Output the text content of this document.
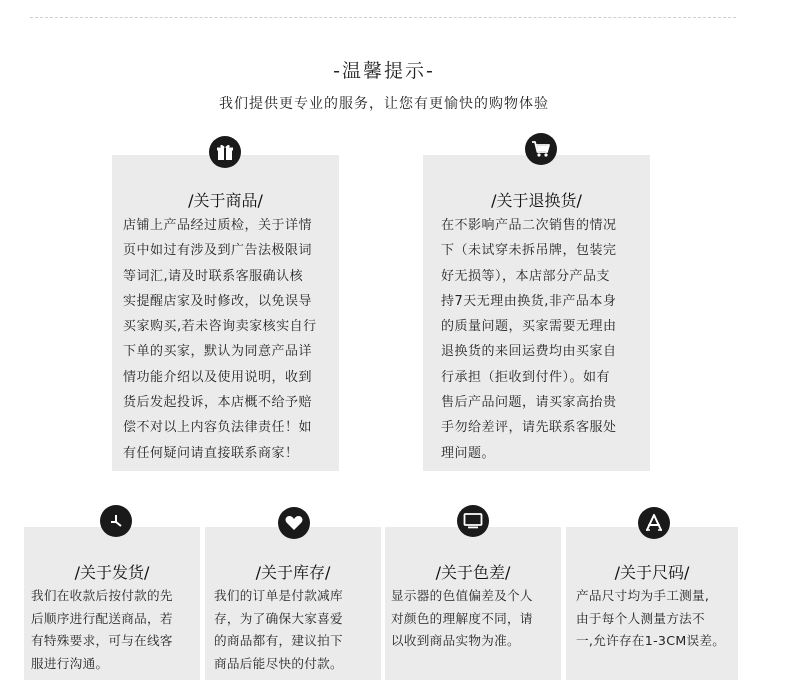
-温馨提示-
我们提供更专业的服务，让您有更愉快的购物体验
/关于商品/
店铺上产品经过质检，关于详情
页中如过有涉及到广告法极限词
等词汇,请及时联系客服确认核
实提醒店家及时修改，以免误导
买家购买,若未咨询卖家核实自行
下单的买家，默认为同意产品详
情功能介绍以及使用说明，收到
货后发起投诉，本店概不给予赔
偿不对以上内容负法律责任！如
有任何疑问请直接联系商家！
/关于退换货/
在不影响产品二次销售的情况
下（未试穿未拆吊牌，包装完
好无损等），本店部分产品支
持7天无理由换货,非产品本身
的质量问题，买家需要无理由
退换货的来回运费均由买家自
行承担（拒收到付件）。如有
售后产品问题，请买家高抬贵
手勿给差评，请先联系客服处
理问题。
/关于发货/
我们在收款后按付款的先
后顺序进行配送商品，若
有特殊要求，可与在线客
服进行沟通。
/关于库存/
我们的订单是付款减库
存，为了确保大家喜爱
的商品都有，建议拍下
商品后能尽快的付款。
/关于色差/
显示器的色值偏差及个人
对颜色的理解度不同，请
以收到商品实物为准。
/关于尺码/
产品尺寸均为手工测量,
由于每个人测量方法不
一,允许存在1-3CM误差。
